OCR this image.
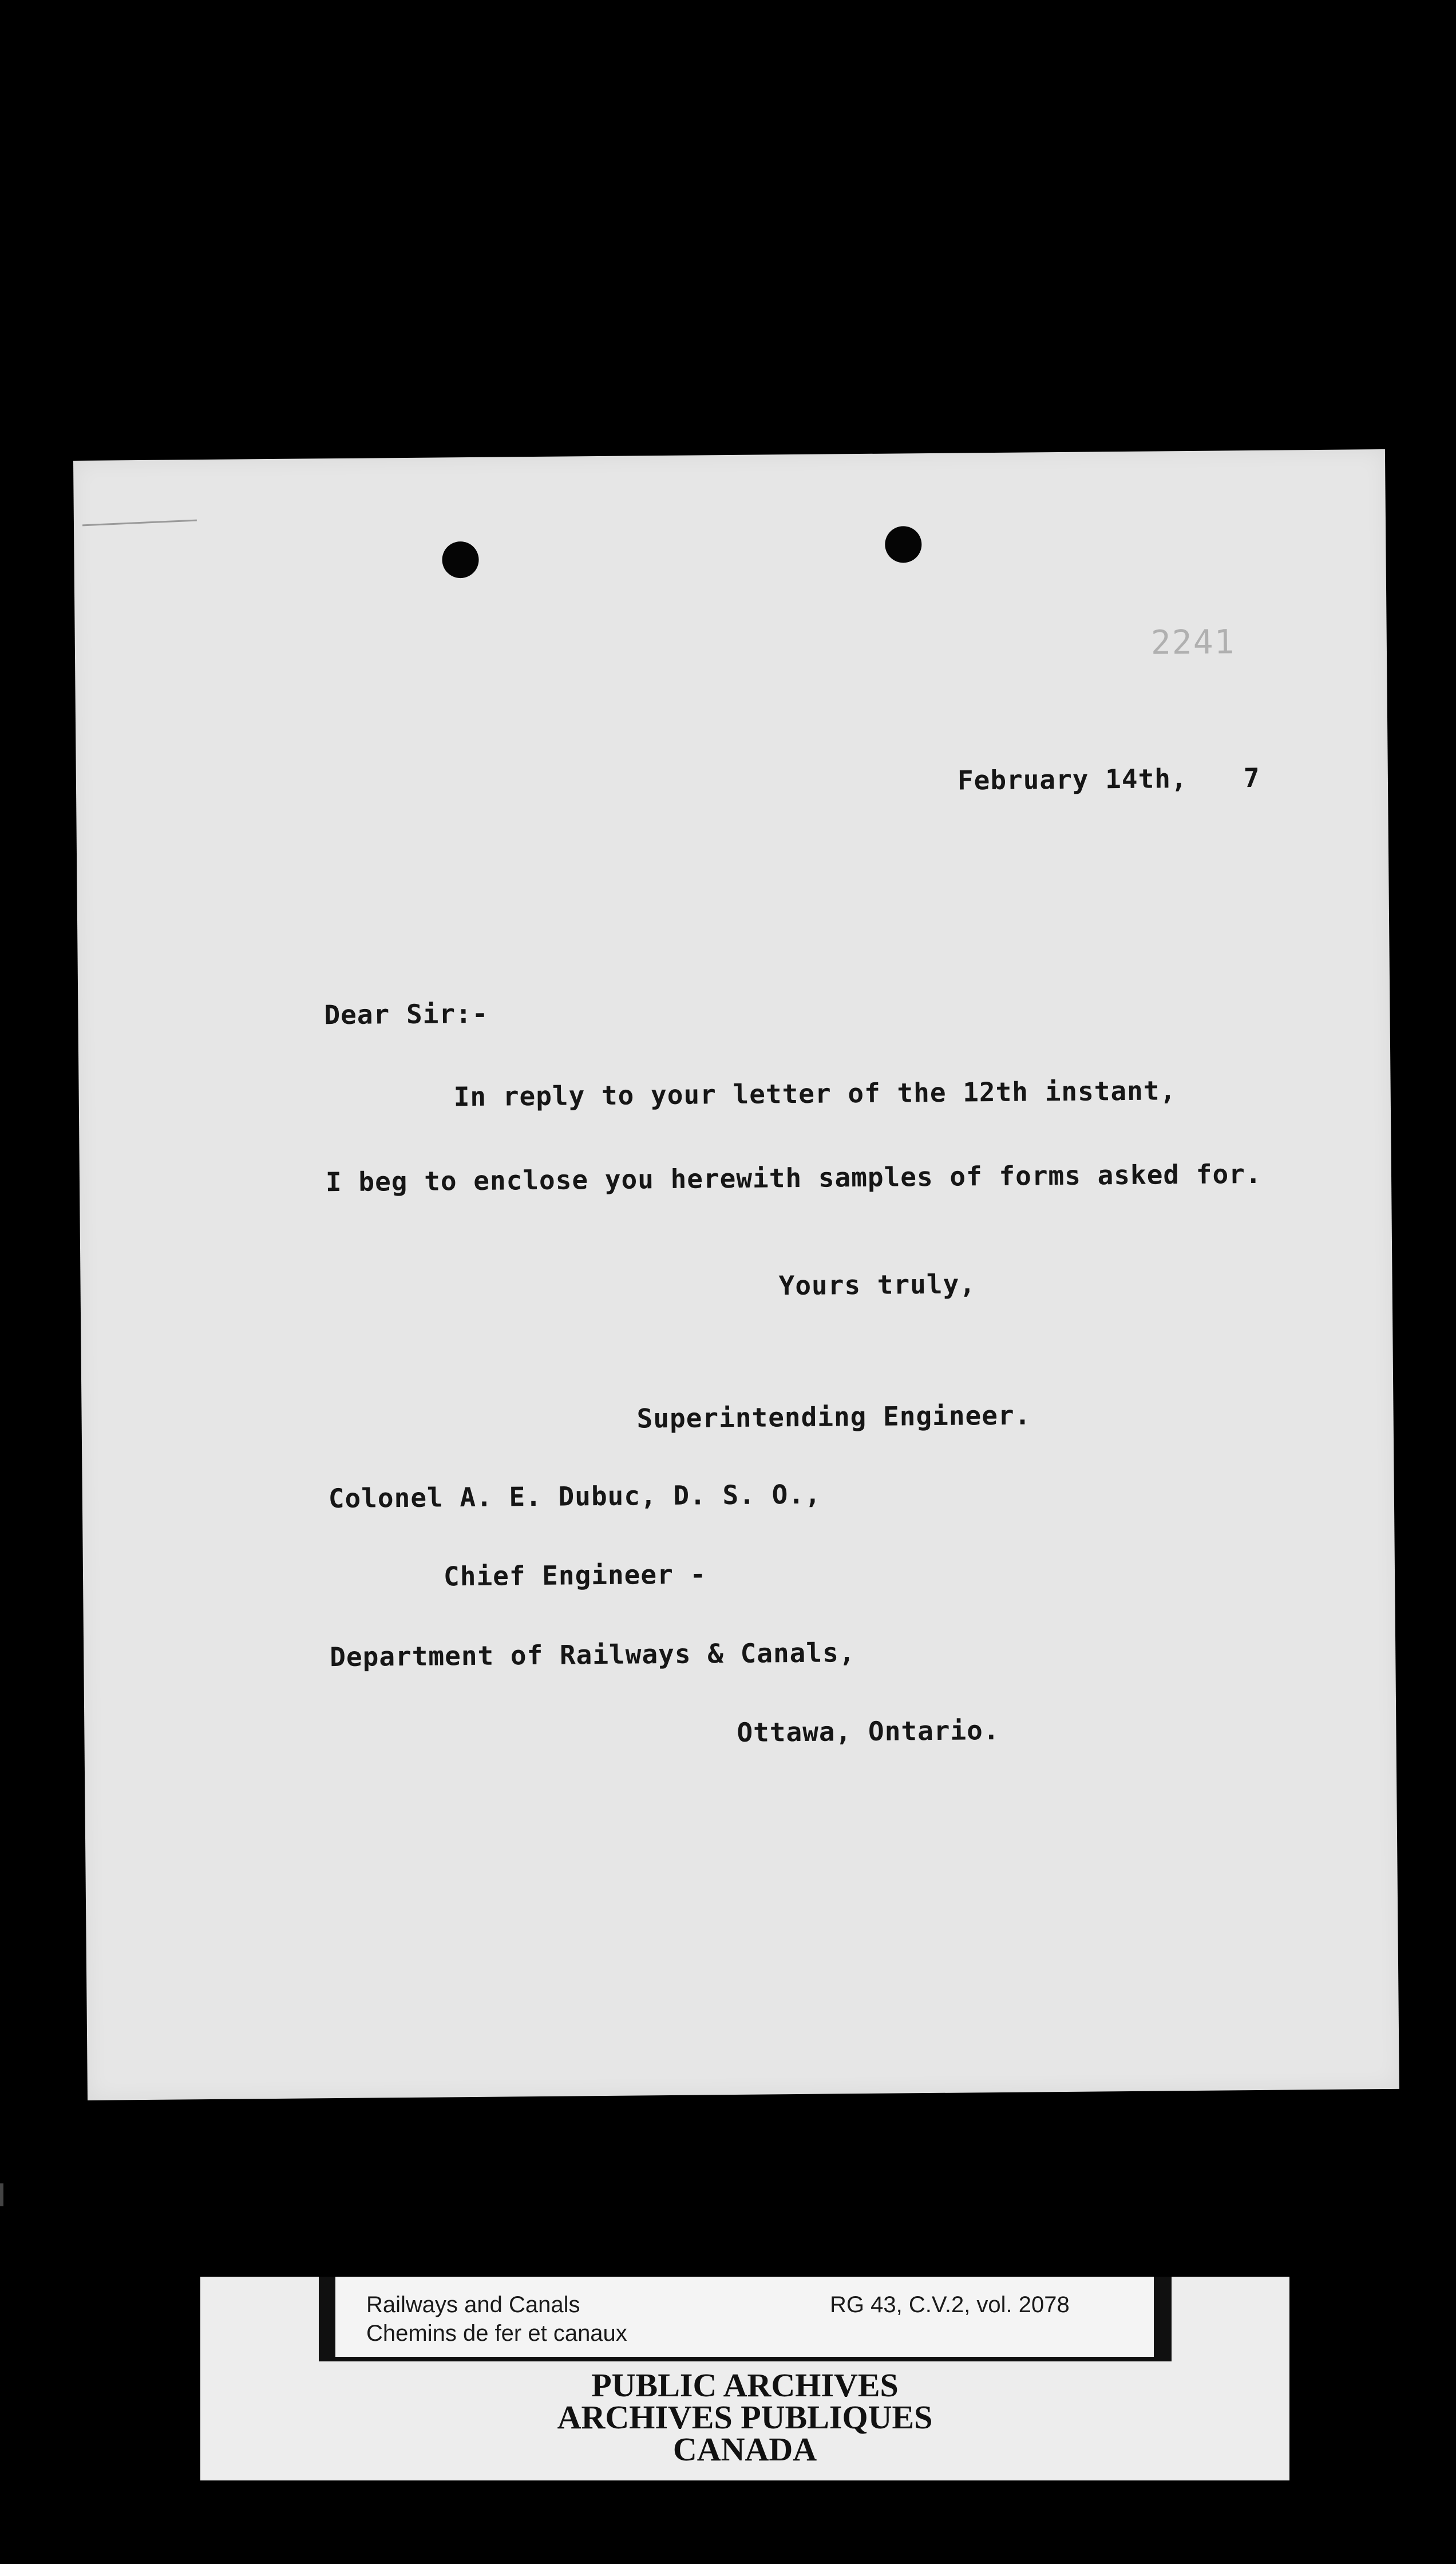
2241
February 14th, 7
Dear Sir:-
In reply to your letter of the 12th instant,
I beg to enclose you herewith samples of forms asked for.
Yours truly,
Superintending Engineer.
Colonel A. E. Dubuc, D. S. O.,
Chief Engineer -
Department of Railways & Canals,
Ottawa, Ontario.
Railways and Canals
Chemins de fer et canaux
RG 43, C.V.2, vol. 2078
PUBLIC ARCHIVES
ARCHIVES PUBLIQUES
CANADA
